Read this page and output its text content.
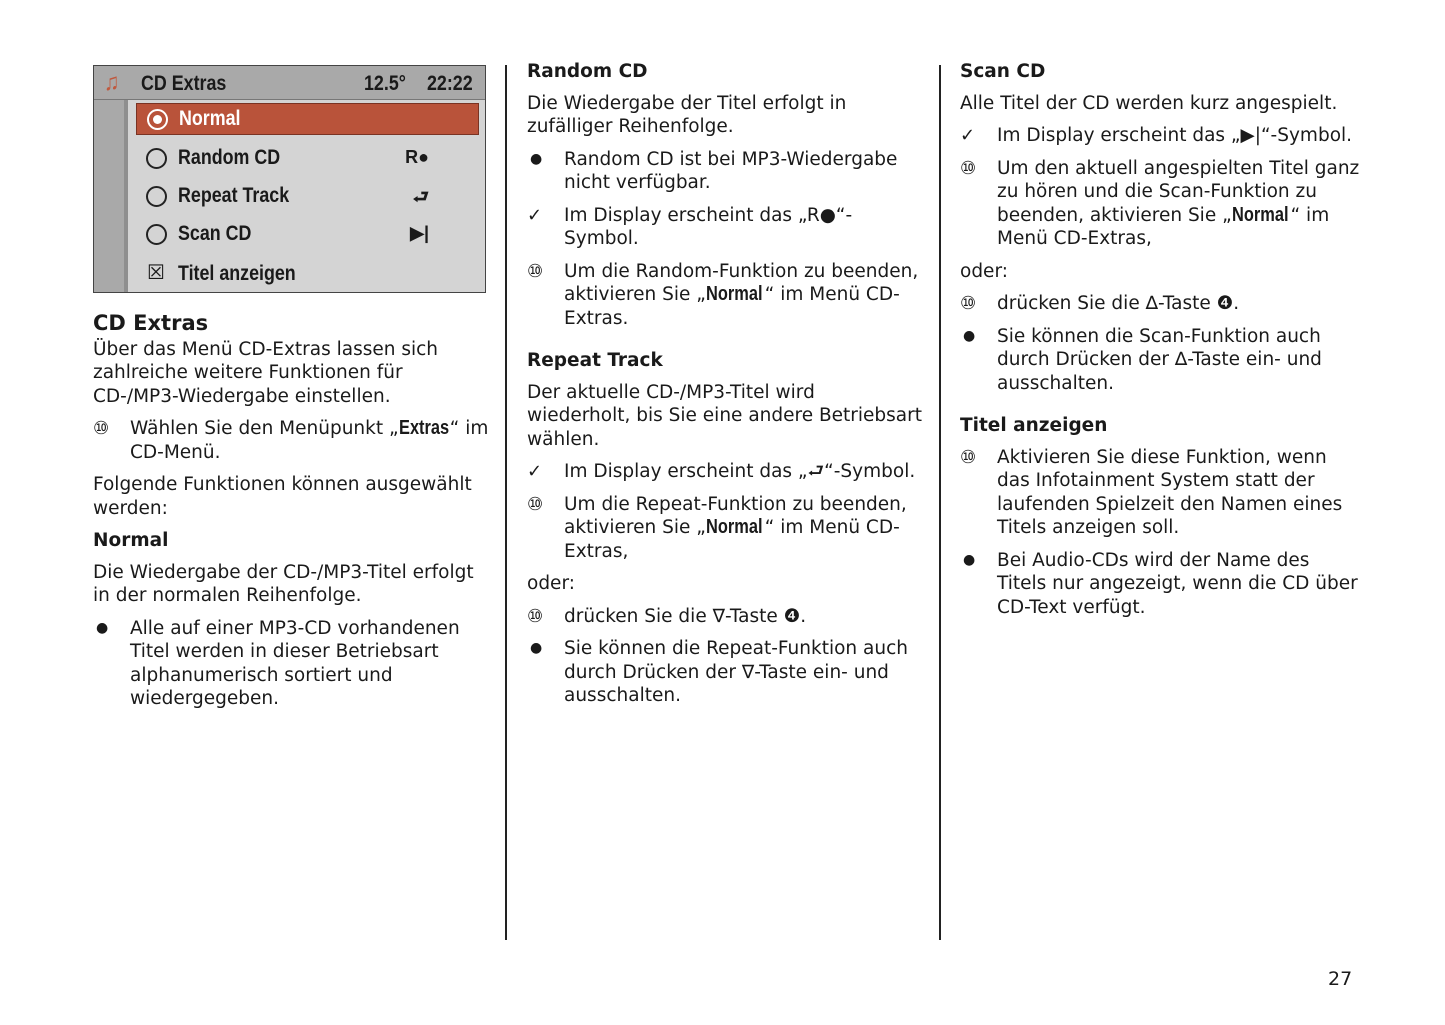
♫ CD Extras	12.5° 22:22
Normal
Random CD	R●
Repeat Track	⮐
Scan CD	▶|
☒ Titel anzeigen
CD Extras
Über das Menü CD-Extras lassen sich zahlreiche weitere Funktionen für CD-/MP3-Wiedergabe einstellen.
⑩	Wählen Sie den Menüpunkt „Extras“ im CD-Menü.
Folgende Funktionen können ausgewählt werden:
Normal
Die Wiedergabe der CD-/MP3-Titel erfolgt in der normalen Reihenfolge.
●	Alle auf einer MP3-CD vorhandenen Titel werden in dieser Betriebsart alphanumerisch sortiert und wiedergegeben.
Random CD
Die Wiedergabe der Titel erfolgt in zufälliger Reihenfolge.
●	Random CD ist bei MP3-Wiedergabe nicht verfügbar.
✓	Im Display erscheint das „R●“-Symbol.
⑩	Um die Random-Funktion zu beenden, aktivieren Sie „Normal “ im Menü CD-Extras.
Repeat Track
Der aktuelle CD-/MP3-Titel wird wiederholt, bis Sie eine andere Betriebsart wählen.
✓	Im Display erscheint das „⮐“-Symbol.
⑩	Um die Repeat-Funktion zu beenden, aktivieren Sie „Normal “ im Menü CD-Extras,
oder:
⑩	drücken Sie die ∇-Taste ❹.
●	Sie können die Repeat-Funktion auch durch Drücken der ∇-Taste ein- und ausschalten.
Scan CD
Alle Titel der CD werden kurz angespielt.
✓	Im Display erscheint das „▶|“-Symbol.
⑩	Um den aktuell angespielten Titel ganz zu hören und die Scan-Funktion zu beenden, aktivieren Sie „Normal “ im Menü CD-Extras,
oder:
⑩	drücken Sie die ∆-Taste ❹.
●	Sie können die Scan-Funktion auch durch Drücken der ∆-Taste ein- und ausschalten.
Titel anzeigen
⑩	Aktivieren Sie diese Funktion, wenn das Infotainment System statt der laufenden Spielzeit den Namen eines Titels anzeigen soll.
●	Bei Audio-CDs wird der Name des Titels nur angezeigt, wenn die CD über CD-Text verfügt.
27
